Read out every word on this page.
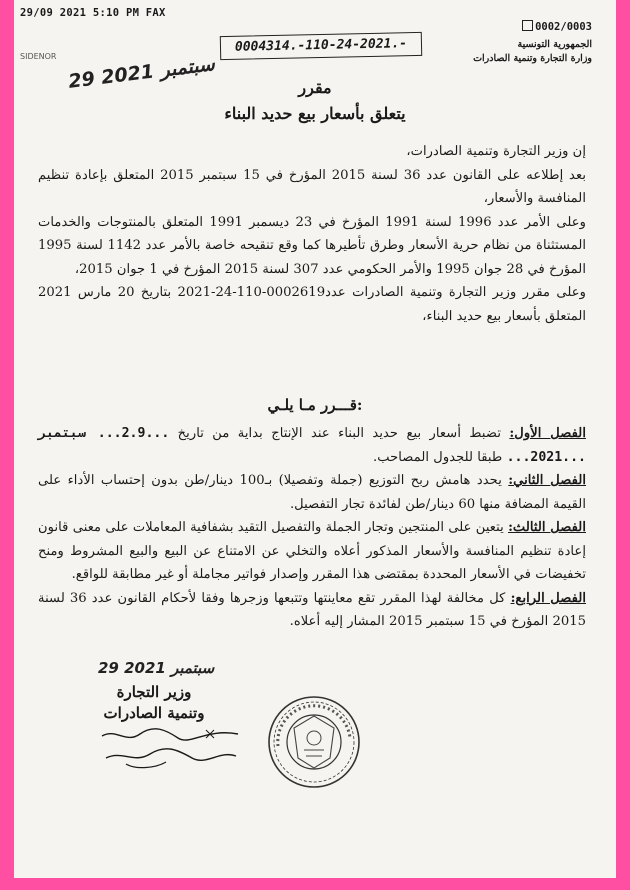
29/09 2021 5:10 PM FAX
0002/0003
SIDENOR
الجمهورية التونسية
وزارة التجارة وتنمية الصادرات
0004314.-110-24-2021.-
29 سبتمبر 2021
مقرر
يتعلق بأسعار بيع حديد البناء
إن وزير التجارة وتنمية الصادرات،
بعد إطلاعه على القانون عدد 36 لسنة 2015 المؤرخ في 15 سبتمبر 2015 المتعلق بإعادة تنظيم المنافسة والأسعار،
وعلى الأمر عدد 1996 لسنة 1991 المؤرخ في 23 ديسمبر 1991 المتعلق بالمنتوجات والخدمات المستثناة من نظام حرية الأسعار وطرق تأطيرها كما وقع تنقيحه خاصة بالأمر عدد 1142 لسنة 1995 المؤرخ في 28 جوان 1995 والأمر الحكومي عدد 307 لسنة 2015 المؤرخ في 1 جوان 2015،
وعلى مقرر وزير التجارة وتنمية الصادرات عدد0002619-110-24-2021 بتاريخ 20 مارس 2021 المتعلق بأسعار بيع حديد البناء،
قـــرر مـا يلـي:
الفصل الأول: تضبط أسعار بيع حديد البناء عند الإنتاج بداية من تاريخ ...2.9... سبتمبر ...2021... طبقا للجدول المصاحب.
الفصل الثاني: يحدد هامش ربح التوزيع (جملة وتفصيلا) بـ100 دينار/طن بدون إحتساب الأداء على القيمة المضافة منها 60 دينار/طن لفائدة تجار التفصيل.
الفصل الثالث: يتعين على المنتجين وتجار الجملة والتفصيل التقيد بشفافية المعاملات على معنى قانون إعادة تنظيم المنافسة والأسعار المذكور أعلاه والتخلي عن الامتناع عن البيع والبيع المشروط ومنح تخفيضات في الأسعار المحددة بمقتضى هذا المقرر وإصدار فواتير مجاملة أو غير مطابقة للواقع.
الفصل الرابع: كل مخالفة لهذا المقرر تقع معاينتها وتتبعها وزجرها وفقا لأحكام القانون عدد 36 لسنة 2015 المؤرخ في 15 سبتمبر 2015 المشار إليه أعلاه.
29 سبتمبر 2021
وزير التجارة
وتنمية الصادرات
